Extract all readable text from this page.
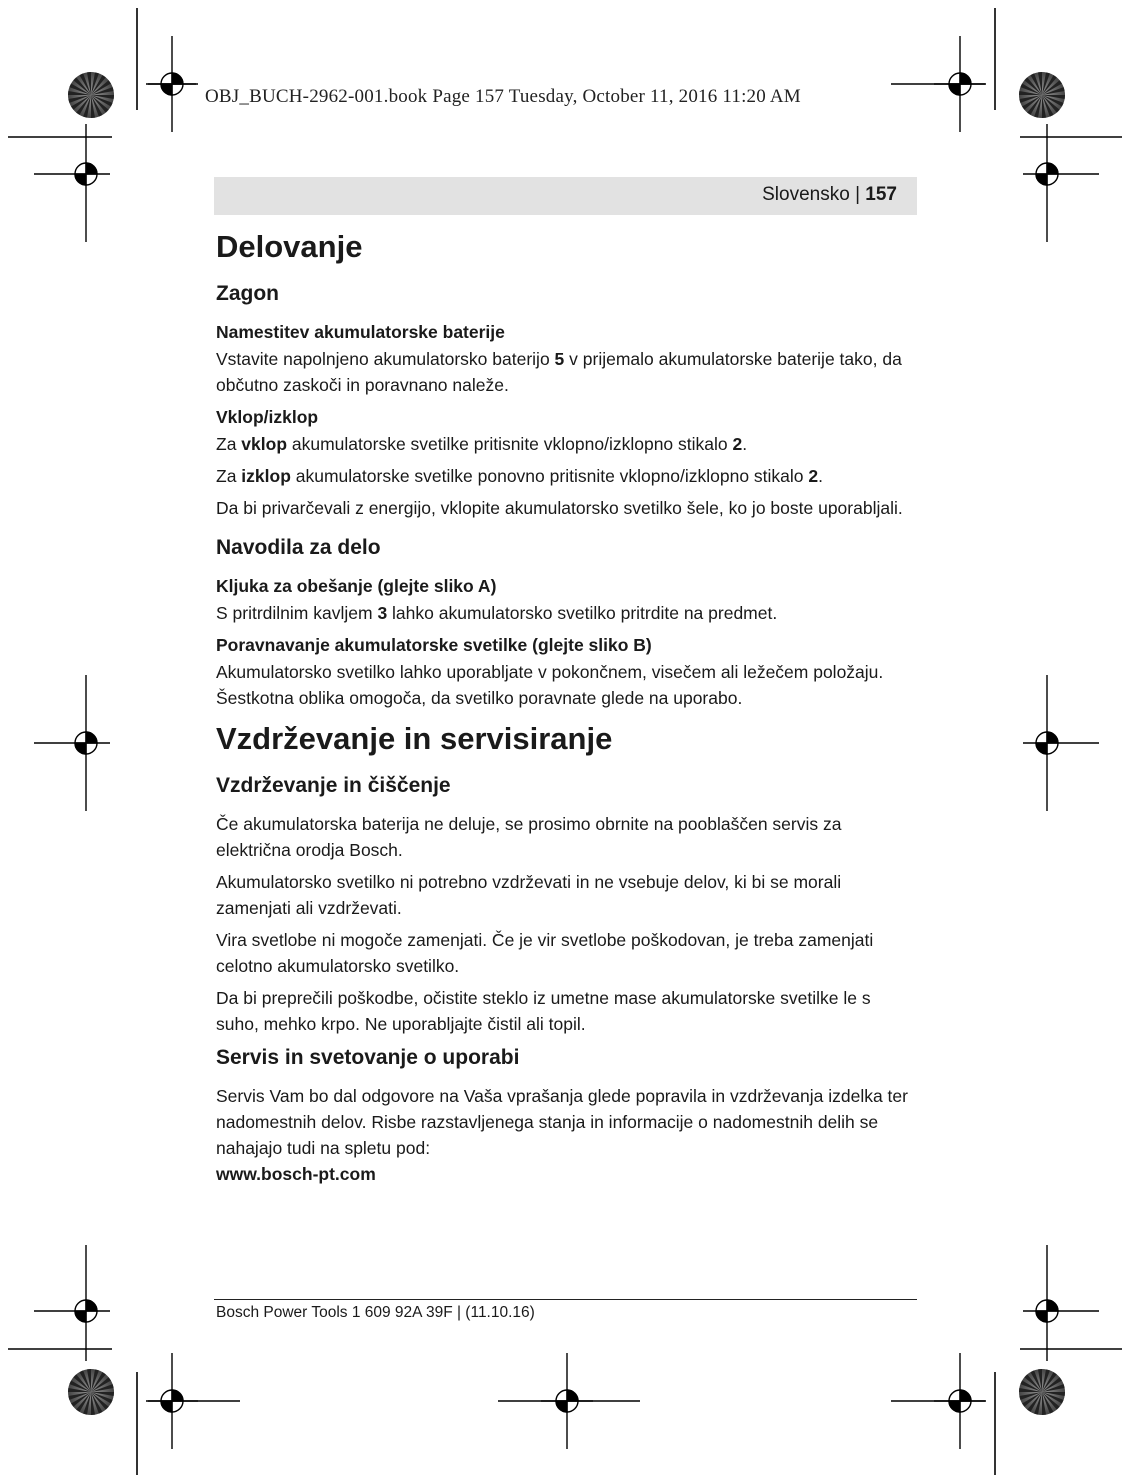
OBJ_BUCH-2962-001.book Page 157 Tuesday, October 11, 2016 11:20 AM
Slovensko | 157
Delovanje
Zagon
Namestitev akumulatorske baterije

Vstavite napolnjeno akumulatorsko baterijo 5 v prijemalo akumulatorske baterije tako, da občutno zaskoči in poravnano naleže.

Vklop/izklop

Za vklop akumulatorske svetilke pritisnite vklopno/izklopno stikalo 2.

Za izklop akumulatorske svetilke ponovno pritisnite vklopno/izklopno stikalo 2.

Da bi privarčevali z energijo, vklopite akumulatorsko svetilko šele, ko jo boste uporabljali.

Navodila za delo
Kljuka za obešanje (glejte sliko A)

S pritrdilnim kavljem 3 lahko akumulatorsko svetilko pritrdite na predmet.

Poravnavanje akumulatorske svetilke (glejte sliko B)

Akumulatorsko svetilko lahko uporabljate v pokončnem, visečem ali ležečem položaju. Šestkotna oblika omogoča, da svetilko poravnate glede na uporabo.

Vzdrževanje in servisiranje
Vzdrževanje in čiščenje

Če akumulatorska baterija ne deluje, se prosimo obrnite na pooblaščen servis za električna orodja Bosch.

Akumulatorsko svetilko ni potrebno vzdrževati in ne vsebuje delov, ki bi se morali zamenjati ali vzdrževati.

Vira svetlobe ni mogoče zamenjati. Če je vir svetlobe poškodovan, je treba zamenjati celotno akumulatorsko svetilko.

Da bi preprečili poškodbe, očistite steklo iz umetne mase akumulatorske svetilke le s suho, mehko krpo. Ne uporabljajte čistil ali topil.

Servis in svetovanje o uporabi

Servis Vam bo dal odgovore na Vaša vprašanja glede popravila in vzdrževanja izdelka ter nadomestnih delov. Risbe razstavljenega stanja in informacije o nadomestnih delih se nahajajo tudi na spletu pod:

www.bosch-pt.com
Bosch Power Tools 1 609 92A 39F | (11.10.16)
